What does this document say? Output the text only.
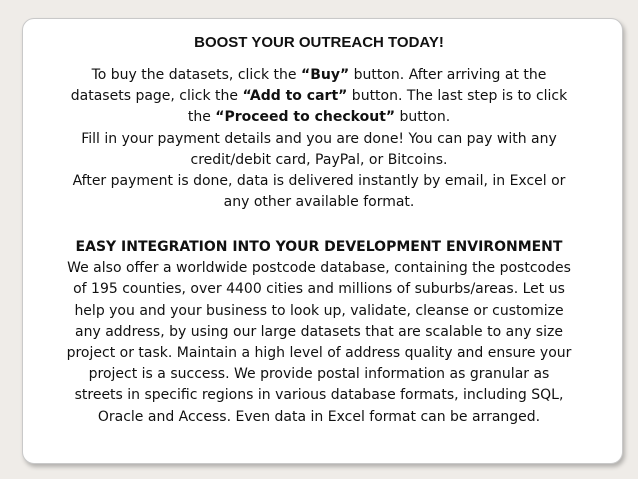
BOOST YOUR OUTREACH TODAY!
To buy the datasets, click the “Buy” button. After arriving at the
datasets page, click the “Add to cart” button. The last step is to click
the “Proceed to checkout” button.
Fill in your payment details and you are done! You can pay with any
credit/debit card, PayPal, or Bitcoins.
After payment is done, data is delivered instantly by email, in Excel or
any other available format.
EASY INTEGRATION INTO YOUR DEVELOPMENT ENVIRONMENT
We also offer a worldwide postcode database, containing the postcodes
of 195 counties, over 4400 cities and millions of suburbs/areas. Let us
help you and your business to look up, validate, cleanse or customize
any address, by using our large datasets that are scalable to any size
project or task. Maintain a high level of address quality and ensure your
project is a success. We provide postal information as granular as
streets in specific regions in various database formats, including SQL,
Oracle and Access. Even data in Excel format can be arranged.
